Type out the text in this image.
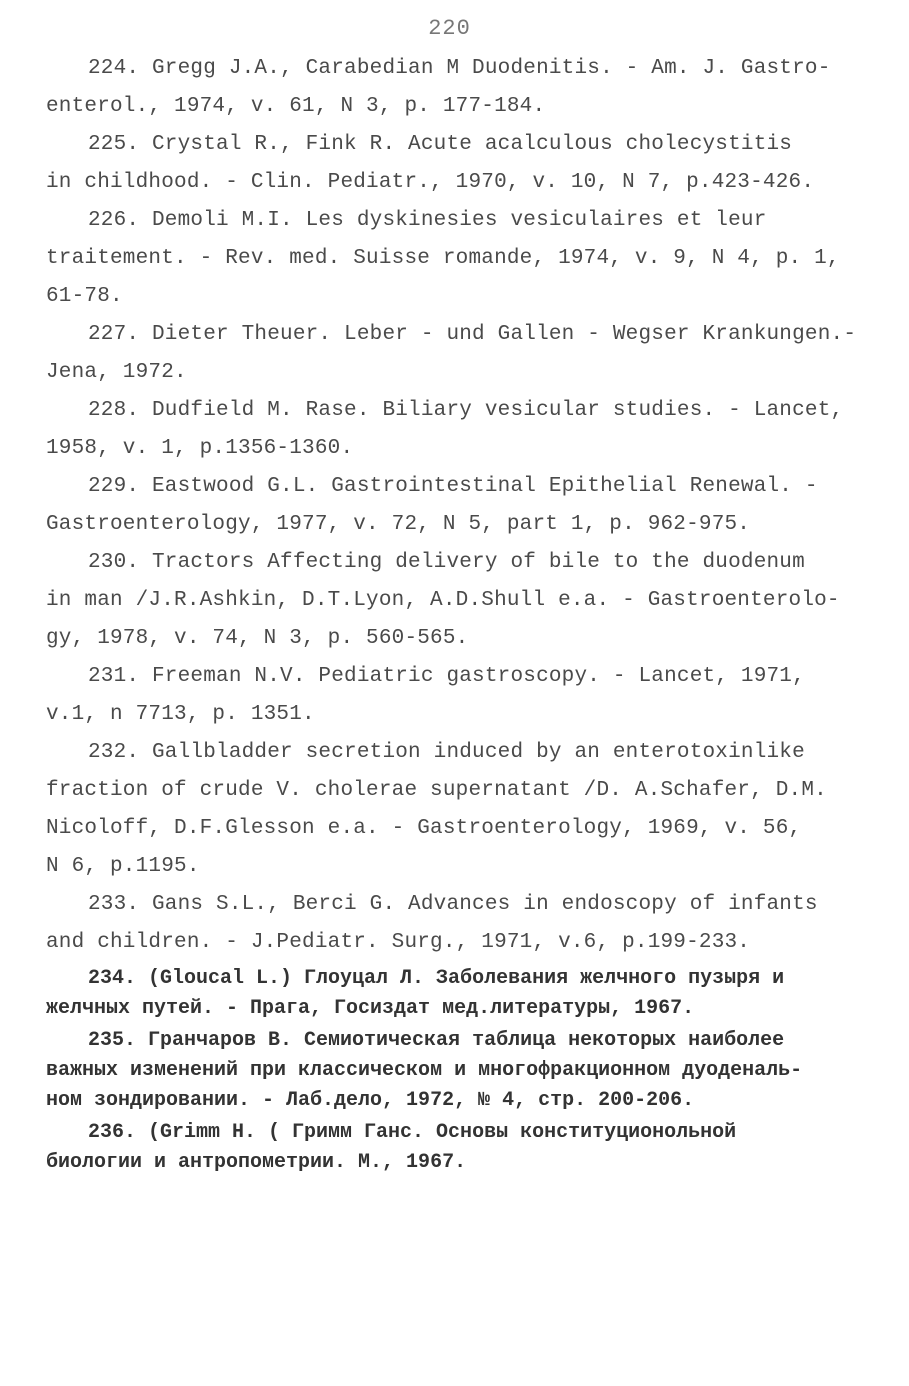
220

224. Gregg J.A., Carabedian M Duodenitis. - Am. J. Gastro-
enterol., 1974, v. 61, N 3, p. 177-184.

225. Crystal R., Fink R. Acute acalculous cholecystitis
in childhood. - Clin. Pediatr., 1970, v. 10, N 7, p.423-426.

226. Demoli M.I. Les dyskinesies vesiculaires et leur
traitement. - Rev. med. Suisse romande, 1974, v. 9, N 4, p. 1,
61-78.

227. Dieter Theuer. Leber - und Gallen - Wegser Krankungen.-
Jena, 1972.

228. Dudfield M. Rase. Biliary vesicular studies. - Lancet,
1958, v. 1, p.1356-1360.

229. Eastwood G.L. Gastrointestinal Epithelial Renewal. -
Gastroenterology, 1977, v. 72, N 5, part 1, p. 962-975.

230. Tractors Affecting delivery of bile to the duodenum
in man /J.R.Ashkin, D.T.Lyon, A.D.Shull e.a. - Gastroenterolo-
gy, 1978, v. 74, N 3, p. 560-565.

231. Freeman N.V. Pediatric gastroscopy. - Lancet, 1971,
v.1, n 7713, p. 1351.

232. Gallbladder secretion induced by an enterotoxinlike
fraction of crude V. cholerae supernatant /D. A.Schafer, D.M.
Nicoloff, D.F.Glesson e.a. - Gastroenterology, 1969, v. 56,
N 6, p.1195.

233. Gans S.L., Berci G. Advances in endoscopy of infants
and children. - J.Pediatr. Surg., 1971, v.6, p.199-233.

234. (Gloucal L.) Глоуцал Л. Заболевания желчного пузыря и
желчных путей. - Прага, Госиздат мед.литературы, 1967.

235. Гранчаров В. Семиотическая таблица некоторых наиболее
важных изменений при классическом и многофракционном дуоденаль-
ном зондировании. - Лаб.дело, 1972, № 4, стр. 200-206.

236. (Grimm H. ( Гримм Ганс. Основы конституционольной
биологии и антропометрии. М., 1967.
